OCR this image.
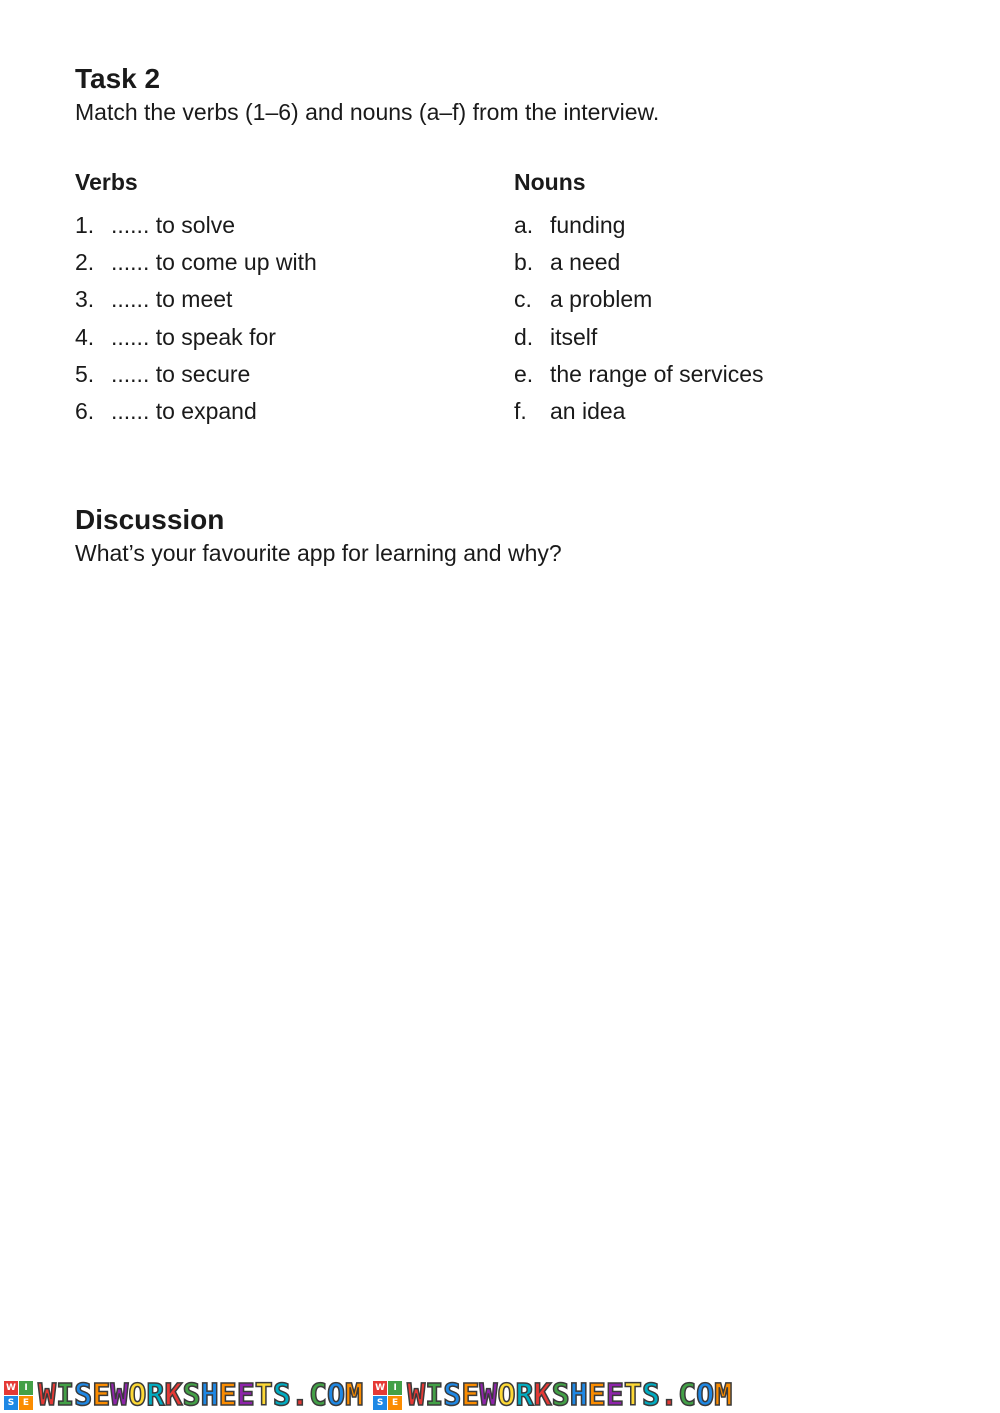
Task 2

Match the verbs (1–6) and nouns (a–f) from the interview.

Verbs	Nouns
1. ...... to solve
2. ...... to come up with
3. ...... to meet
4. ...... to speak for
5. ...... to secure
6. ...... to expand
a. funding
b. a need
c. a problem
d. itself
e. the range of services
f. an idea
Discussion

What’s your favourite app for learning and why?

W I
S E WISEWORKSHEETS.COM W I
S E WISEWORKSHEETS.COM
